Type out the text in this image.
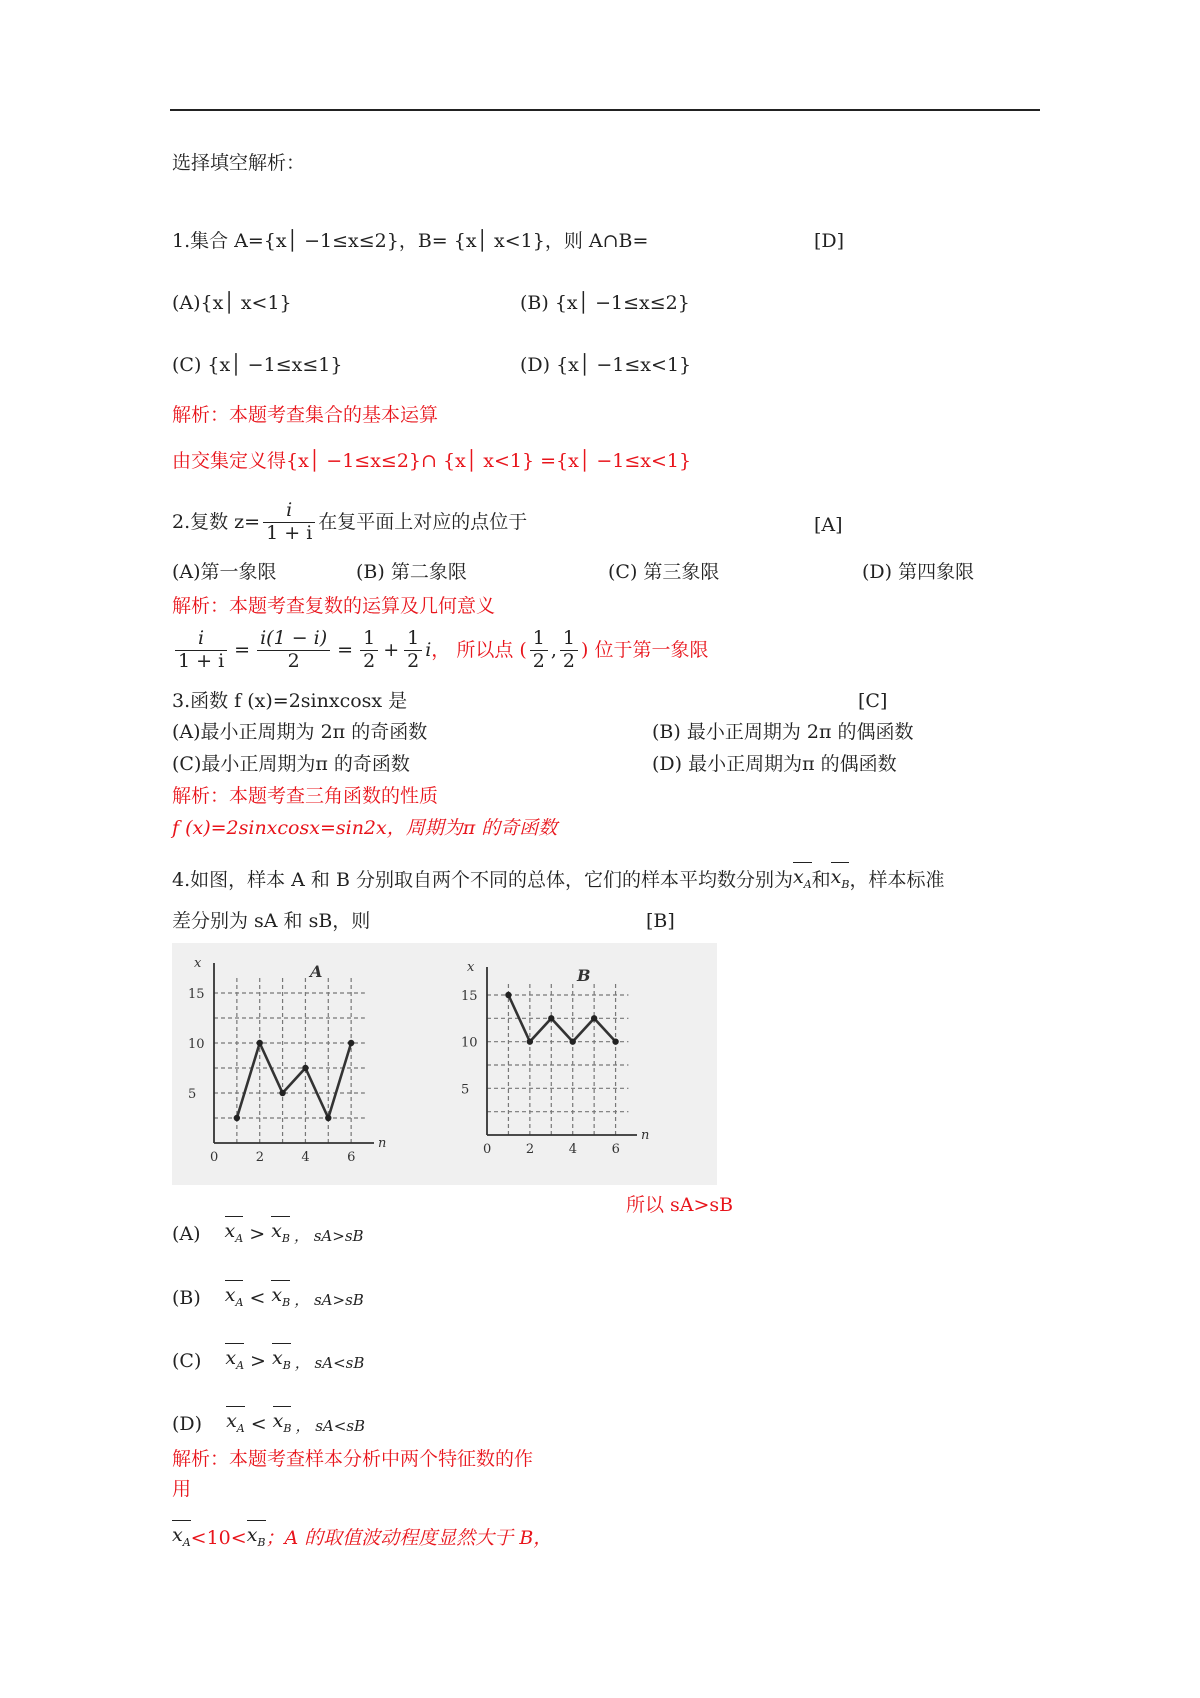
选择填空解析：
1.集合 A={x│ −1≤x≤2}，B= {x│ x<1}，则 A∩B=	[D]
(A){x│ x<1}	(B) {x│ −1≤x≤2}
(C) {x│ −1≤x≤1}	(D) {x│ −1≤x<1}
解析：本题考查集合的基本运算
由交集定义得{x│ −1≤x≤2}∩ {x│ x<1} ={x│ −1≤x<1}
2.复数 $z= \frac{i}{1 + i}$ 在复平面上对应的点位于	[A]
(A)第一象限	(B) 第二象限	(C) 第三象限	(D) 第四象限
解析：本题考查复数的运算及几何意义
$\frac{i}{1 + i} = \frac{i(1 - i)}{2} = \frac{1}{2} + \frac{1}{2}$ i ， 所以点 ( $\frac{1}{2}$ , $\frac{1}{2}$ ) 位于第一象限
3.函数 f (x)=2sinxcosx 是	[C]
(A)最小正周期为 2π 的奇函数	(B) 最小正周期为 2π 的偶函数
(C)最小正周期为π 的奇函数	(D) 最小正周期为π 的偶函数
解析：本题考查三角函数的性质
f (x)=2sinxcosx=sin2x，周期为π 的奇函数
4.如图，样本 A 和 B 分别取自两个不同的总体，它们的样本平均数分别为 $x_A$ 和 $x_B$ ，样本标准
差分别为 sA 和 sB，则	[B]
n
x	A
0	2	4	6
5
10
15
n
x	B
0	2	4	6
5
10
15
所以 sA>sB
(A) $x_A > x_B$ ， sA>sB
(B) $x_A < x_B$ ， sA>sB
(C) $x_A > x_B$ ， sA<sB
(D) $x_A < x_B$ ， sA<sB
解析：本题考查样本分析中两个特征数的作
用
$x_A <10< x_B$ ；A 的取值波动程度显然大于 B，
